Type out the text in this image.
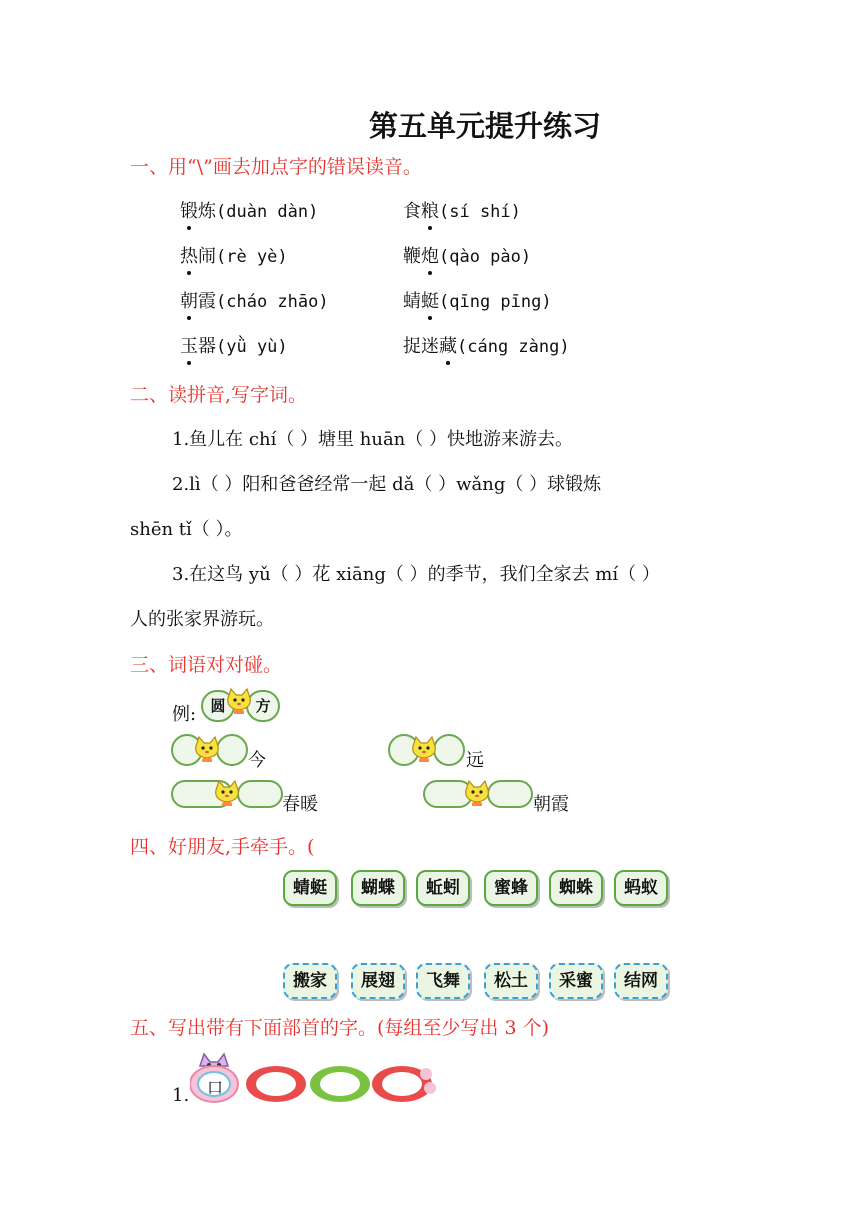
第五单元提升练习
一、用“\”画去加点字的错误读音。
锻炼(duàn dàn)	食粮(sí shí)
热闹(rè yè)	鞭炮(qào pào)
朝霞(cháo zhāo)	蜻蜓(qīng pīng)
玉器(yǜ yù)	捉迷藏(cáng zàng)
二、读拼音,写字词。
1.鱼儿在 chí（ ）塘里 huān（ ）快地游来游去。
2.lì（ ）阳和爸爸经常一起 dǎ（ ）wǎng（ ）球锻炼
shēn tǐ（ ）。
3.在这鸟 yǔ（ ）花 xiāng（ ）的季节，我们全家去 mí（ ）
人的张家界游玩。
三、词语对对碰。
例: 圆	方
今	远
春暖	朝霞
四、好朋友,手牵手。(
蜻蜓	蝴蝶	蚯蚓	蜜蜂	蜘蛛	蚂蚁
搬家	展翅	飞舞	松土	采蜜	结网
五、写出带有下面部首的字。(每组至少写出 3 个)
1. 口
